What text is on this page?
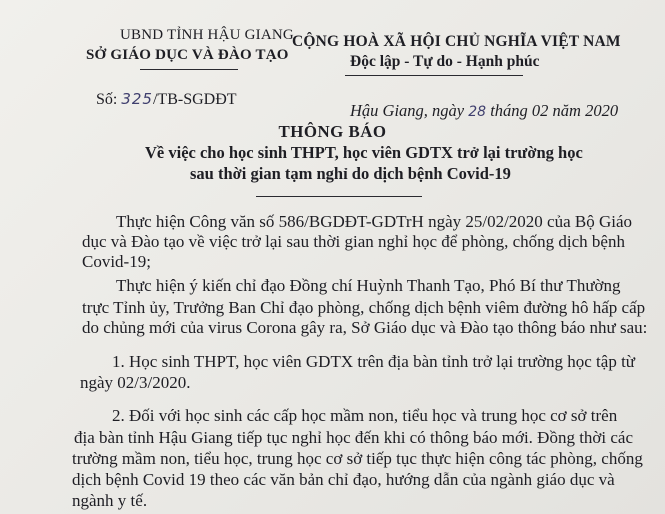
UBND TỈNH HẬU GIANG
SỞ GIÁO DỤC VÀ ĐÀO TẠO
CỘNG HOÀ XÃ HỘI CHỦ NGHĨA VIỆT NAM
Độc lập - Tự do - Hạnh phúc
Số: 325/TB-SGDĐT
Hậu Giang, ngày 28 tháng 02 năm 2020
THÔNG BÁO
Về việc cho học sinh THPT, học viên GDTX trở lại trường học
sau thời gian tạm nghỉ do dịch bệnh Covid-19
Thực hiện Công văn số 586/BGDĐT-GDTrH ngày 25/02/2020 của Bộ Giáo
dục và Đào tạo về việc trở lại sau thời gian nghỉ học để phòng, chống dịch bệnh
Covid-19;
Thực hiện ý kiến chỉ đạo Đồng chí Huỳnh Thanh Tạo, Phó Bí thư Thường
trực Tỉnh ủy, Trưởng Ban Chỉ đạo phòng, chống dịch bệnh viêm đường hô hấp cấp
do chủng mới của virus Corona gây ra, Sở Giáo dục và Đào tạo thông báo như sau:
1. Học sinh THPT, học viên GDTX trên địa bàn tỉnh trở lại trường học tập từ
ngày 02/3/2020.
2. Đối với học sinh các cấp học mầm non, tiểu học và trung học cơ sở trên
địa bàn tỉnh Hậu Giang tiếp tục nghỉ học đến khi có thông báo mới. Đồng thời các
trường mầm non, tiểu học, trung học cơ sở tiếp tục thực hiện công tác phòng, chống
dịch bệnh Covid 19 theo các văn bản chỉ đạo, hướng dẫn của ngành giáo dục và
ngành y tế.
